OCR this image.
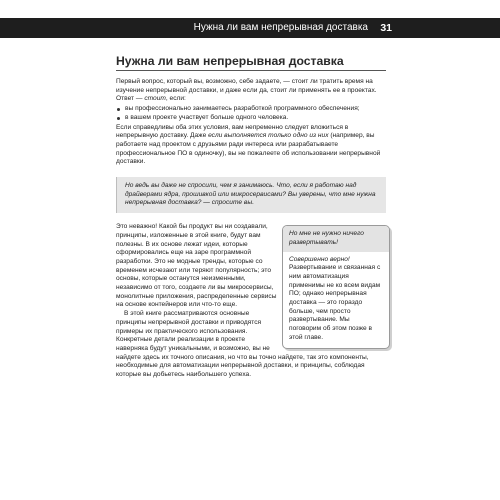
Нужна ли вам непрерывная доставка 31
Нужна ли вам непрерывная доставка

Первый вопрос, который вы, возможно, себе задаете, — стоит ли тратить время на изучение непрерывной доставки, и даже если да, стоит ли применять ее в проектах. Ответ — стоит, если:

вы профессионально занимаетесь разработкой программного обеспечения;
в вашем проекте участвует больше одного человека.

Если справедливы оба этих условия, вам непременно следует вложиться в непрерывную доставку. Даже если выполняется только одно из них (например, вы работаете над проектом с друзьями ради интереса или разрабатываете профессиональное ПО в одиночку), вы не пожалеете об использовании непрерывной доставки.

Но ведь вы даже не спросили, чем я занимаюсь. Что, если я работаю над драйверами ядра, прошивкой или микросервисами? Вы уверены, что мне нужна непрерывная доставка? — спросите вы.

Это неважно! Какой бы продукт вы ни создавали, принципы, изложенные в этой книге, будут вам полезны. В их основе лежат идеи, которые сформировались еще на заре программной разработки. Это не модные тренды, которые со временем исчезают или теряют популярность; это основы, которые останутся неизменными, независимо от того, создаете ли вы микросервисы, монолитные приложения, распределенные сервисы на основе контейнеров или что-то еще.

В этой книге рассматриваются основные принципы непрерывной доставки и приводятся примеры их практического использования. Конкретные детали реализации в проекте наверняка будут уникальными, и возможно, вы не

найдете здесь их точного описания, но что вы точно найдете, так это компоненты, необходимые для автоматизации непрерывной доставки, и принципы, соблюдая которые вы добьетесь наибольшего успеха.

Но мне не нужно ничего развертывать!

Совершенно верно! Развертывание и связанная с ним автоматизация применимы не ко всем видам ПО; однако непрерывная доставка — это гораздо больше, чем просто развертывание. Мы поговорим об этом позже в этой главе.
